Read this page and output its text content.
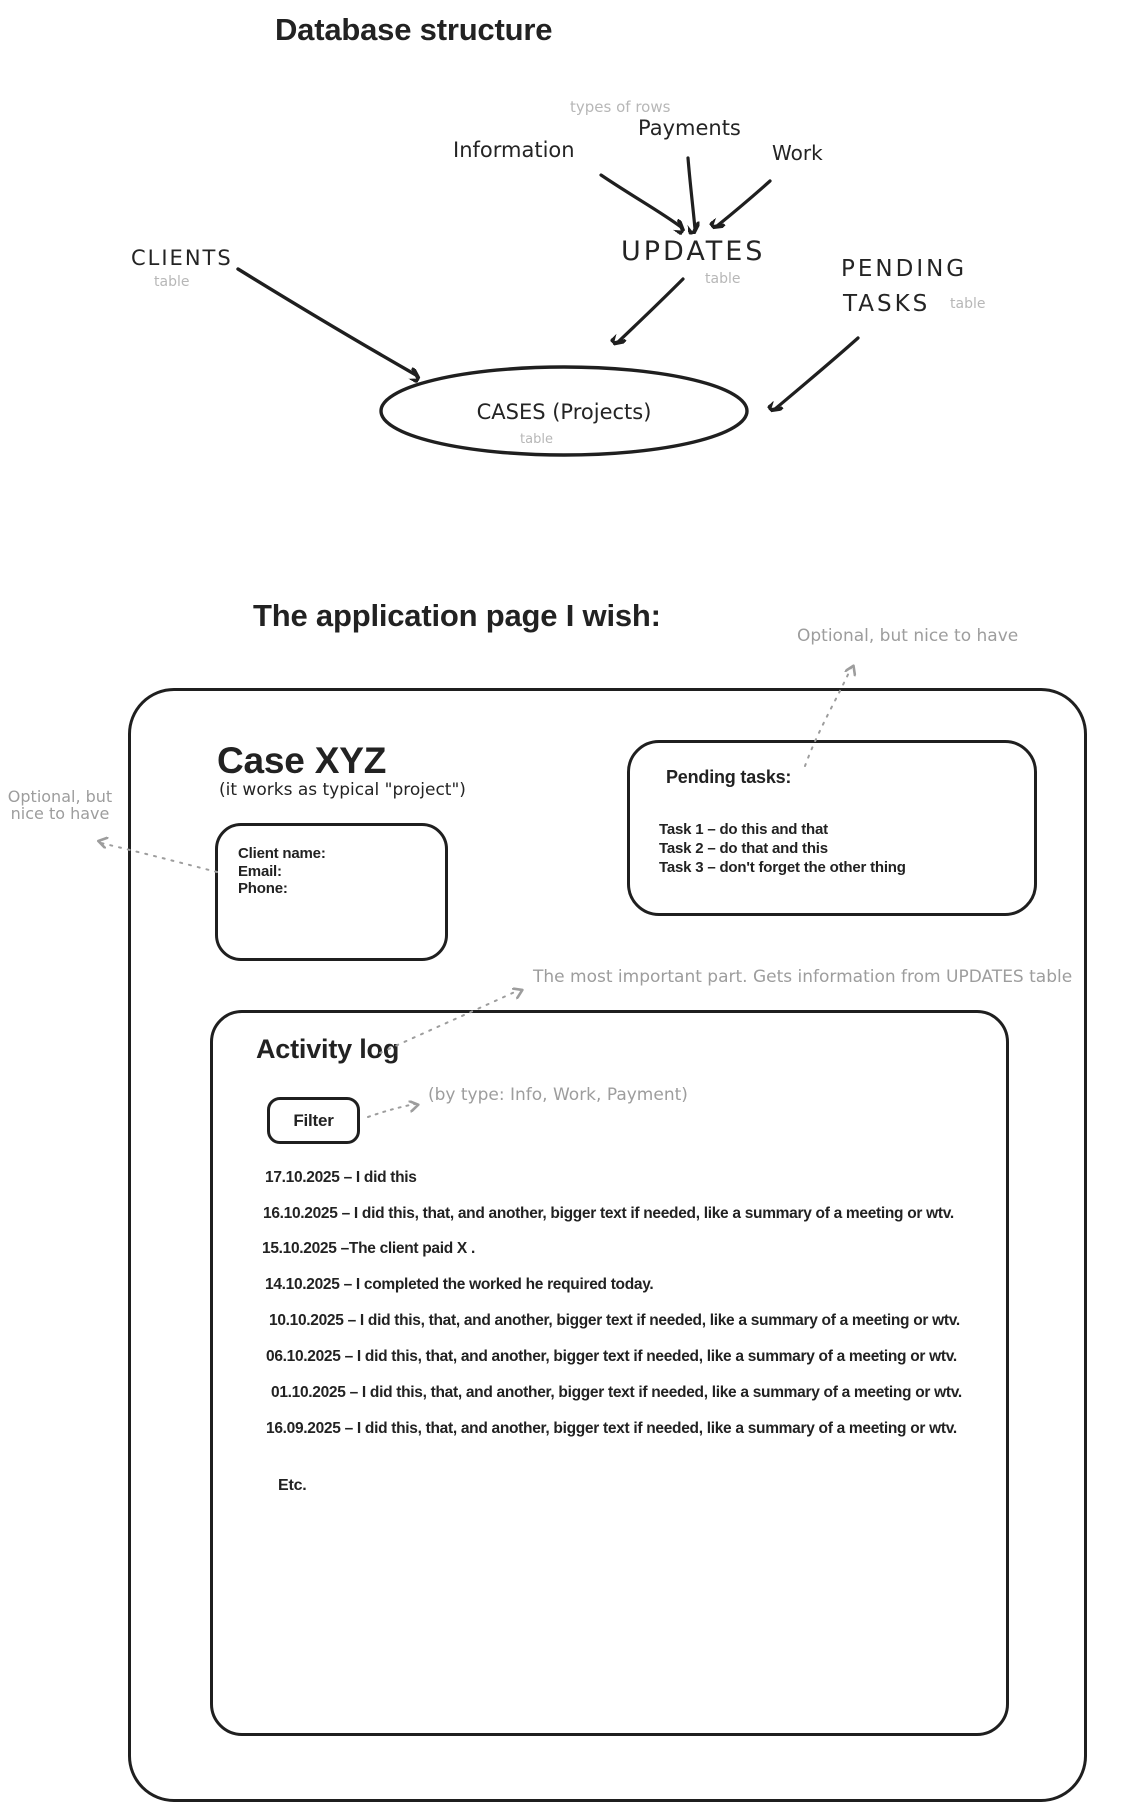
Database structure
types of rows
Information
Payments
Work
UPDATES
table
CLIENTS
table	PENDING
TASKS table
CASES (Projects)
table
The application page I wish:
Optional, but nice to have
Optional, but
nice to have
Case XYZ
(it works as typical "project")
Client name:
Email:
Phone:
Pending tasks:
Task 1 – do this and that
Task 2 – do that and this
Task 3 – don't forget the other thing
The most important part. Gets information from UPDATES table
Activity log
Filter
(by type: Info, Work, Payment)
17.10.2025 – I did this
16.10.2025 – I did this, that, and another, bigger text if needed, like a summary of a meeting or wtv.
15.10.2025 –The client paid X .
14.10.2025 – I completed the worked he required today.
10.10.2025 – I did this, that, and another, bigger text if needed, like a summary of a meeting or wtv.
06.10.2025 – I did this, that, and another, bigger text if needed, like a summary of a meeting or wtv.
01.10.2025 – I did this, that, and another, bigger text if needed, like a summary of a meeting or wtv.
16.09.2025 – I did this, that, and another, bigger text if needed, like a summary of a meeting or wtv.
Etc.
